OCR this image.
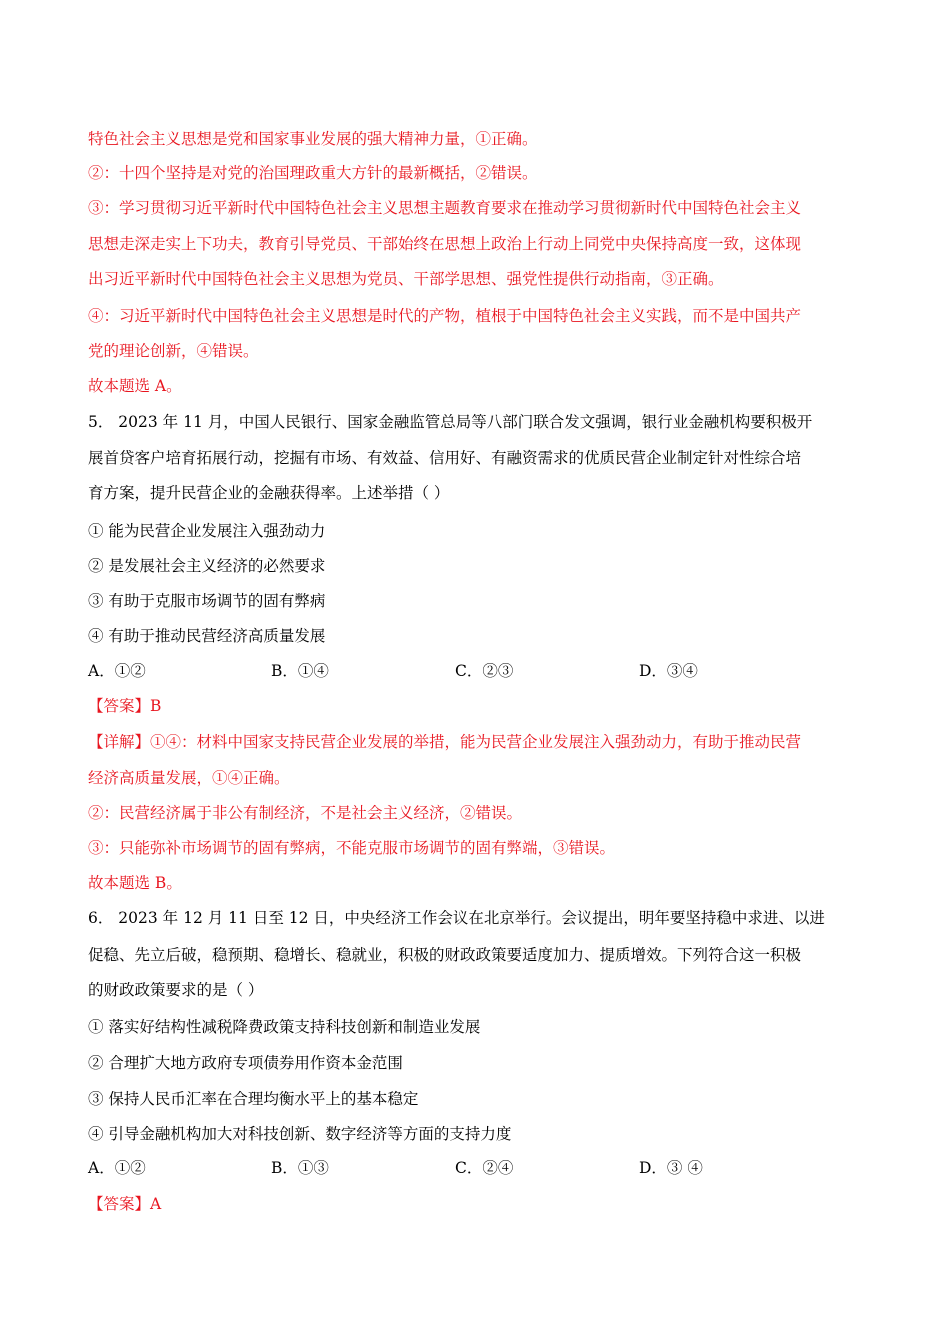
特色社会主义思想是党和国家事业发展的强大精神力量，①正确。
②：十四个坚持是对党的治国理政重大方针的最新概括，②错误。
③：学习贯彻习近平新时代中国特色社会主义思想主题教育要求在推动学习贯彻新时代中国特色社会主义
思想走深走实上下功夫，教育引导党员、干部始终在思想上政治上行动上同党中央保持高度一致，这体现
出习近平新时代中国特色社会主义思想为党员、干部学思想、强党性提供行动指南，③正确。
④：习近平新时代中国特色社会主义思想是时代的产物，植根于中国特色社会主义实践，而不是中国共产
党的理论创新，④错误。
故本题选 A。
5． 2023 年 11 月，中国人民银行、国家金融监管总局等八部门联合发文强调，银行业金融机构要积极开
展首贷客户培育拓展行动，挖掘有市场、有效益、信用好、有融资需求的优质民营企业制定针对性综合培
育方案，提升民营企业的金融获得率。上述举措（ ）
① 能为民营企业发展注入强劲动力
② 是发展社会主义经济的必然要求
③ 有助于克服市场调节的固有弊病
④ 有助于推动民营经济高质量发展
A．①②	B．①④	C．②③	D．③④
【答案】B
【详解】①④：材料中国家支持民营企业发展的举措，能为民营企业发展注入强劲动力，有助于推动民营
经济高质量发展，①④正确。
②：民营经济属于非公有制经济，不是社会主义经济，②错误。
③：只能弥补市场调节的固有弊病，不能克服市场调节的固有弊端，③错误。
故本题选 B。
6． 2023 年 12 月 11 日至 12 日，中央经济工作会议在北京举行。会议提出，明年要坚持稳中求进、以进
促稳、先立后破，稳预期、稳增长、稳就业，积极的财政政策要适度加力、提质增效。下列符合这一积极
的财政政策要求的是（ ）
① 落实好结构性减税降费政策支持科技创新和制造业发展
② 合理扩大地方政府专项债券用作资本金范围
③ 保持人民币汇率在合理均衡水平上的基本稳定
④ 引导金融机构加大对科技创新、数字经济等方面的支持力度
A．①②	B．①③	C．②④	D．③ ④
【答案】A
